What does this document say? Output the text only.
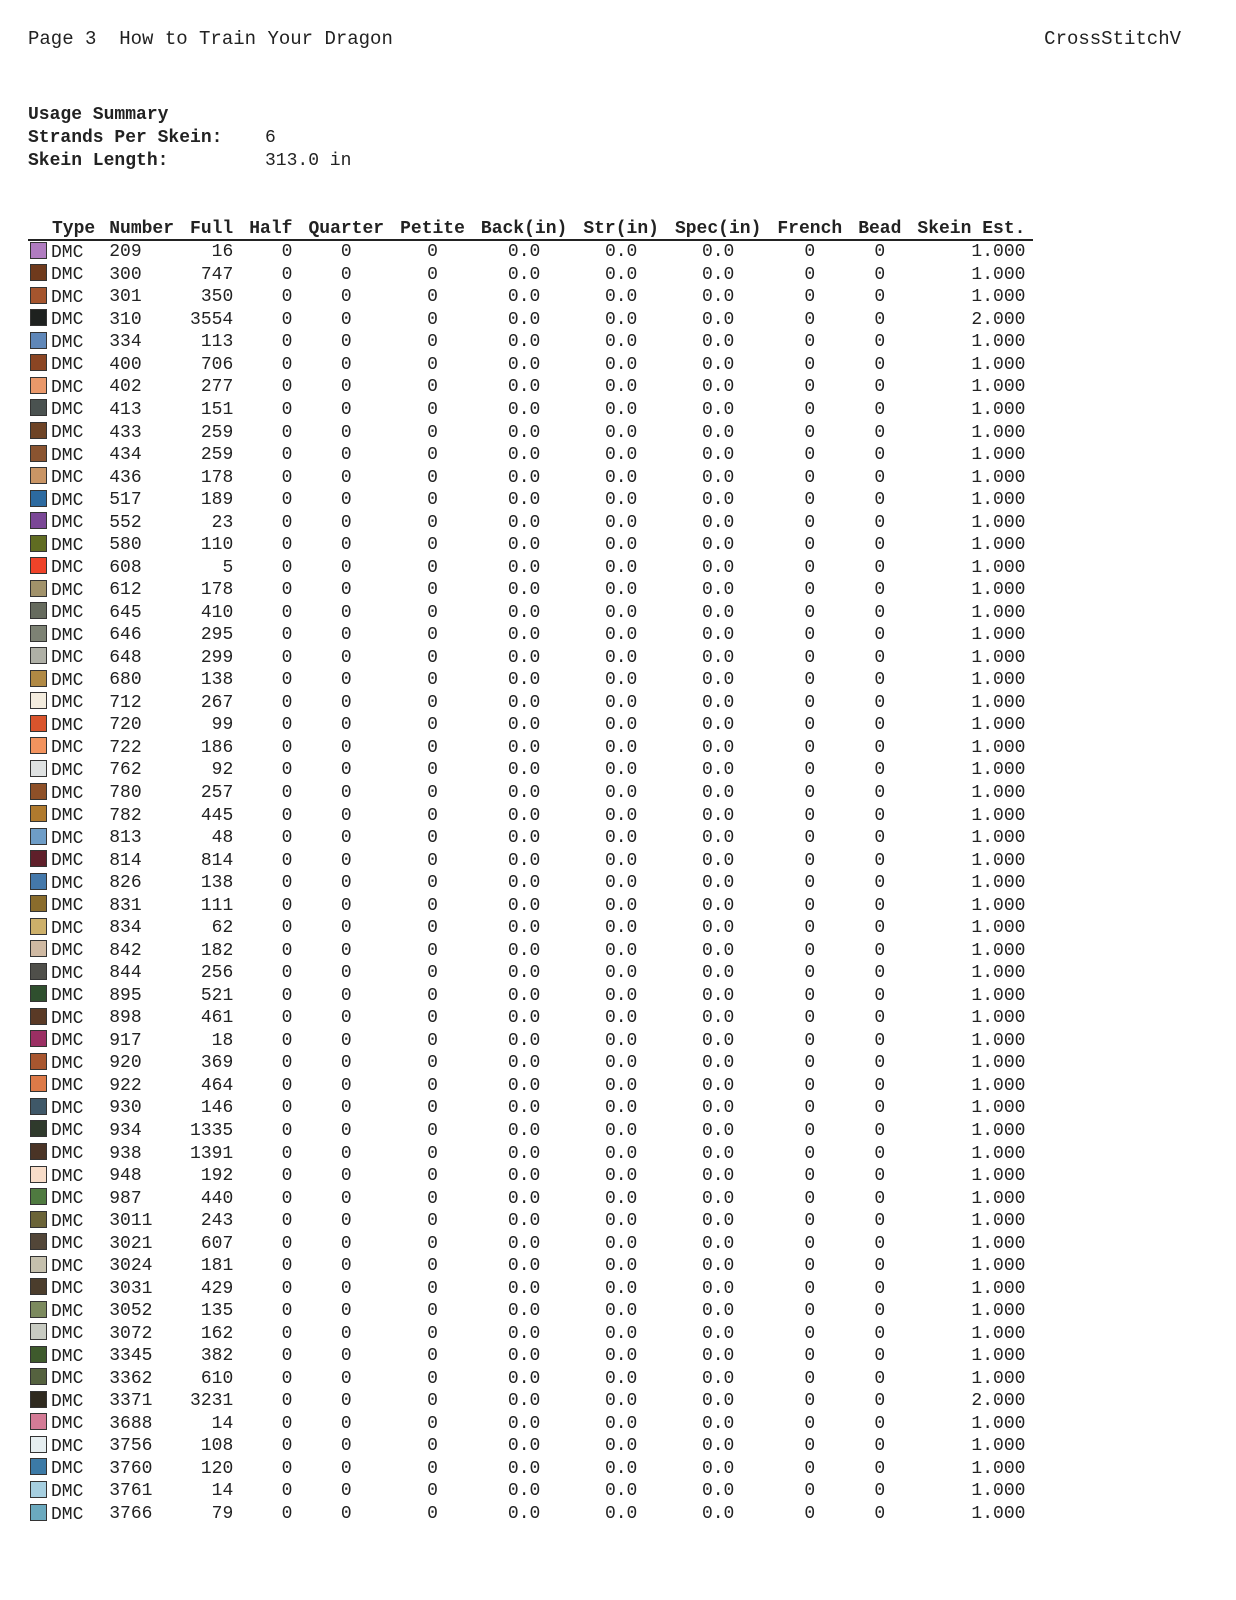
Page 3  How to Train Your Dragon	CrossStitchV
Usage Summary
Strands Per Skein:	6
Skein Length:	313.0 in
Type	Number	Full	Half	Quarter	Petite	Back(in)	Str(in)	Spec(in)	French	Bead	Skein Est.
DMC	209	16	0	0	0	0.0	0.0	0.0	0	0	1.000
DMC	300	747	0	0	0	0.0	0.0	0.0	0	0	1.000
DMC	301	350	0	0	0	0.0	0.0	0.0	0	0	1.000
DMC	310	3554	0	0	0	0.0	0.0	0.0	0	0	2.000
DMC	334	113	0	0	0	0.0	0.0	0.0	0	0	1.000
DMC	400	706	0	0	0	0.0	0.0	0.0	0	0	1.000
DMC	402	277	0	0	0	0.0	0.0	0.0	0	0	1.000
DMC	413	151	0	0	0	0.0	0.0	0.0	0	0	1.000
DMC	433	259	0	0	0	0.0	0.0	0.0	0	0	1.000
DMC	434	259	0	0	0	0.0	0.0	0.0	0	0	1.000
DMC	436	178	0	0	0	0.0	0.0	0.0	0	0	1.000
DMC	517	189	0	0	0	0.0	0.0	0.0	0	0	1.000
DMC	552	23	0	0	0	0.0	0.0	0.0	0	0	1.000
DMC	580	110	0	0	0	0.0	0.0	0.0	0	0	1.000
DMC	608	5	0	0	0	0.0	0.0	0.0	0	0	1.000
DMC	612	178	0	0	0	0.0	0.0	0.0	0	0	1.000
DMC	645	410	0	0	0	0.0	0.0	0.0	0	0	1.000
DMC	646	295	0	0	0	0.0	0.0	0.0	0	0	1.000
DMC	648	299	0	0	0	0.0	0.0	0.0	0	0	1.000
DMC	680	138	0	0	0	0.0	0.0	0.0	0	0	1.000
DMC	712	267	0	0	0	0.0	0.0	0.0	0	0	1.000
DMC	720	99	0	0	0	0.0	0.0	0.0	0	0	1.000
DMC	722	186	0	0	0	0.0	0.0	0.0	0	0	1.000
DMC	762	92	0	0	0	0.0	0.0	0.0	0	0	1.000
DMC	780	257	0	0	0	0.0	0.0	0.0	0	0	1.000
DMC	782	445	0	0	0	0.0	0.0	0.0	0	0	1.000
DMC	813	48	0	0	0	0.0	0.0	0.0	0	0	1.000
DMC	814	814	0	0	0	0.0	0.0	0.0	0	0	1.000
DMC	826	138	0	0	0	0.0	0.0	0.0	0	0	1.000
DMC	831	111	0	0	0	0.0	0.0	0.0	0	0	1.000
DMC	834	62	0	0	0	0.0	0.0	0.0	0	0	1.000
DMC	842	182	0	0	0	0.0	0.0	0.0	0	0	1.000
DMC	844	256	0	0	0	0.0	0.0	0.0	0	0	1.000
DMC	895	521	0	0	0	0.0	0.0	0.0	0	0	1.000
DMC	898	461	0	0	0	0.0	0.0	0.0	0	0	1.000
DMC	917	18	0	0	0	0.0	0.0	0.0	0	0	1.000
DMC	920	369	0	0	0	0.0	0.0	0.0	0	0	1.000
DMC	922	464	0	0	0	0.0	0.0	0.0	0	0	1.000
DMC	930	146	0	0	0	0.0	0.0	0.0	0	0	1.000
DMC	934	1335	0	0	0	0.0	0.0	0.0	0	0	1.000
DMC	938	1391	0	0	0	0.0	0.0	0.0	0	0	1.000
DMC	948	192	0	0	0	0.0	0.0	0.0	0	0	1.000
DMC	987	440	0	0	0	0.0	0.0	0.0	0	0	1.000
DMC	3011	243	0	0	0	0.0	0.0	0.0	0	0	1.000
DMC	3021	607	0	0	0	0.0	0.0	0.0	0	0	1.000
DMC	3024	181	0	0	0	0.0	0.0	0.0	0	0	1.000
DMC	3031	429	0	0	0	0.0	0.0	0.0	0	0	1.000
DMC	3052	135	0	0	0	0.0	0.0	0.0	0	0	1.000
DMC	3072	162	0	0	0	0.0	0.0	0.0	0	0	1.000
DMC	3345	382	0	0	0	0.0	0.0	0.0	0	0	1.000
DMC	3362	610	0	0	0	0.0	0.0	0.0	0	0	1.000
DMC	3371	3231	0	0	0	0.0	0.0	0.0	0	0	2.000
DMC	3688	14	0	0	0	0.0	0.0	0.0	0	0	1.000
DMC	3756	108	0	0	0	0.0	0.0	0.0	0	0	1.000
DMC	3760	120	0	0	0	0.0	0.0	0.0	0	0	1.000
DMC	3761	14	0	0	0	0.0	0.0	0.0	0	0	1.000
DMC	3766	79	0	0	0	0.0	0.0	0.0	0	0	1.000
